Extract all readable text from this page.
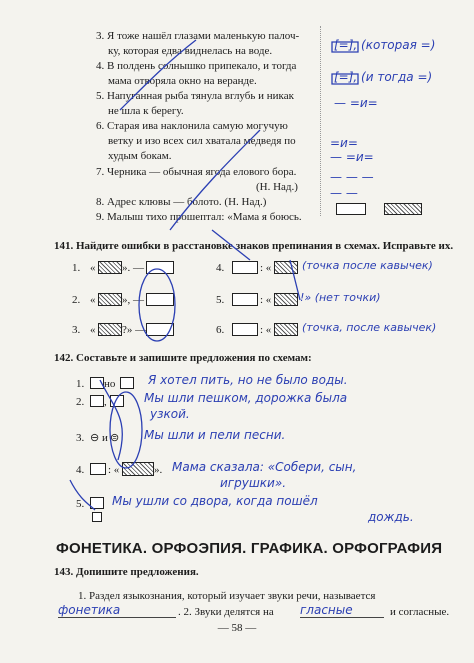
3. Я тоже нашёл глазами маленькую палоч-
ку, которая едва виднелась на воде.
4. В полдень солнышко припекало, и тогда
мама отворяла окно на веранде.
5. Напуганная рыба тянула вглубь и никак
не шла к берегу.
6. Старая ива наклонила самую могучую
ветку и изо всех сил хватала медведя по
худым бокам.
7. Черника — обычная ягода елового бора.
(Н. Над.)
8. Адрес клювы — болото. (Н. Над.)
9. Малыш тихо прошептал: «Мама я боюсь.
[=], (которая =)
[=], (и тогда =)
— =и=
=и=
— =и=
— — —
— —
141. Найдите ошибки в расстановке знаков препинания в схемах. Исправьте их.
1. « ». —
2. « », —
3. « ?» —
4.	: «	(точка после кавычек)
5.	: «	!» (нет точки)
6.	: «	(точка, после кавычек)
142. Составьте и запишите предложения по схемам:
1. но	Я хотел пить, но не было воды.
2. ,	Мы шли пешком, дорожка была
узкой.
3. ⊖ и ⊜ Мы шли и пели песни.
4. : «	». Мама сказала: «Собери, сын,
игрушки».
5. Мы ушли со двора, когда пошёл
дождь.
ФОНЕТИКА. ОРФОЭПИЯ. ГРАФИКА. ОРФОГРАФИЯ
143. Допишите предложения.
1. Раздел языкознания, который изучает звуки речи, называется
фонетика	. 2. Звуки делятся на гласные	и согласные.
— 58 —
